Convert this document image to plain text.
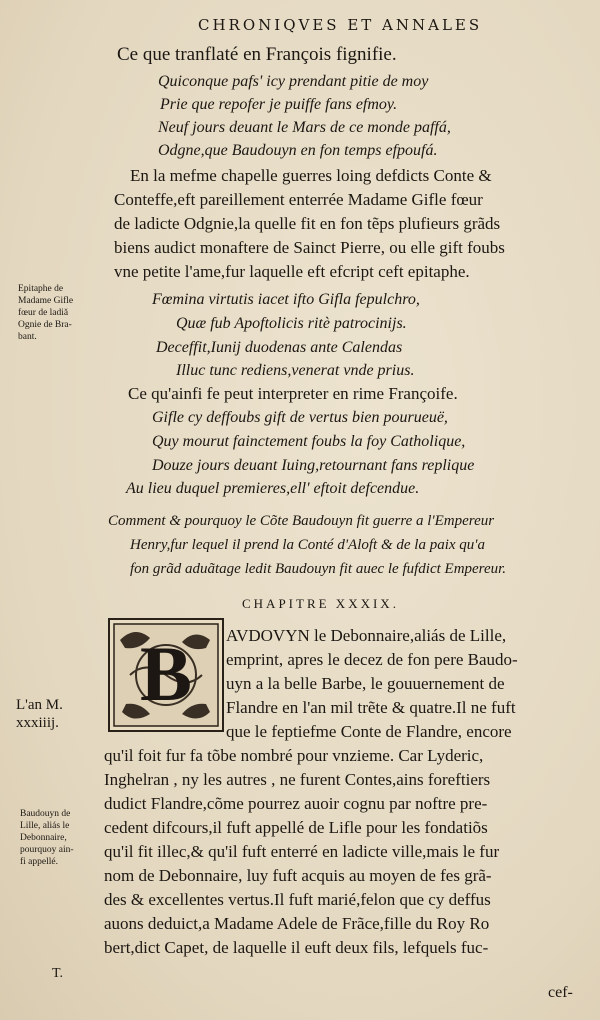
CHRONIQVES ET ANNALES
Ce que tranflaté en François fignifie.
Quiconque pafs' icy prendant pitie de moy
Prie que repofer je puiffe fans efmoy.
Neuf jours deuant le Mars de ce monde paffá,
Odgne,que Baudouyn en fon temps efpoufá.
En la mefme chapelle guerres loing defdicts Conte &
Conteffe,eft pareillement enterrée Madame Gifle fœur
de ladicte Odgnie,la quelle fit en fon tẽps plufieurs grãds
biens audict monaftere de Sainct Pierre, ou elle gift foubs
vne petite l'ame,fur laquelle eft efcript ceft epitaphe.
Epitaphe de
Madame Gifle
fœur de ladiă
Ognie de Bra-
bant.
Fœmina virtutis iacet ifto Gifla fepulchro,
Quæ fub Apoftolicis ritè patrocinijs.
Deceffit,Iunij duodenas ante Calendas
Illuc tunc rediens,venerat vnde prius.
Ce qu'ainfi fe peut interpreter en rime Françoife.
Gifle cy deffoubs gift de vertus bien pourueuë,
Quy mourut fainctement foubs la foy Catholique,
Douze jours deuant Iuing,retournant fans replique
Au lieu duquel premieres,ell' eftoit defcendue.
Comment & pourquoy le Cõte Baudouyn fit guerre a l'Empereur
Henry,fur lequel il prend la Conté d'Aloft & de la paix qu'a
fon grãd aduãtage ledit Baudouyn fit auec le fufdict Empereur.
CHAPITRE XXXIX.
B AVDOVYN le Debonnaire,aliás de Lille,
emprint, apres le decez de fon pere Baudo-
uyn a la belle Barbe, le gouuernement de
Flandre en l'an mil trẽte & quatre.Il ne fuft
L'an M.
xxxiiij.	que le feptiefme Conte de Flandre, encore
qu'il foit fur fa tõbe nombré pour vnzieme. Car Lyderic,
Inghelran , ny les autres , ne furent Contes,ains foreftiers
dudict Flandre,cõme pourrez auoir cognu par noftre pre-
cedent difcours,il fuft appellé de Lifle pour les fondatiõs
qu'il fit illec,& qu'il fuft enterré en ladicte ville,mais le fur
nom de Debonnaire, luy fuft acquis au moyen de fes grã-
des & excellentes vertus.Il fuft marié,felon que cy deffus
auons deduict,a Madame Adele de Frãce,fille du Roy Ro
bert,dict Capet, de laquelle il euft deux fils, lefquels fuc-
Baudouyn de
Lille, aliás le
Debonnaire,
pourquoy ain-
fi appellé.
T.
cef-
